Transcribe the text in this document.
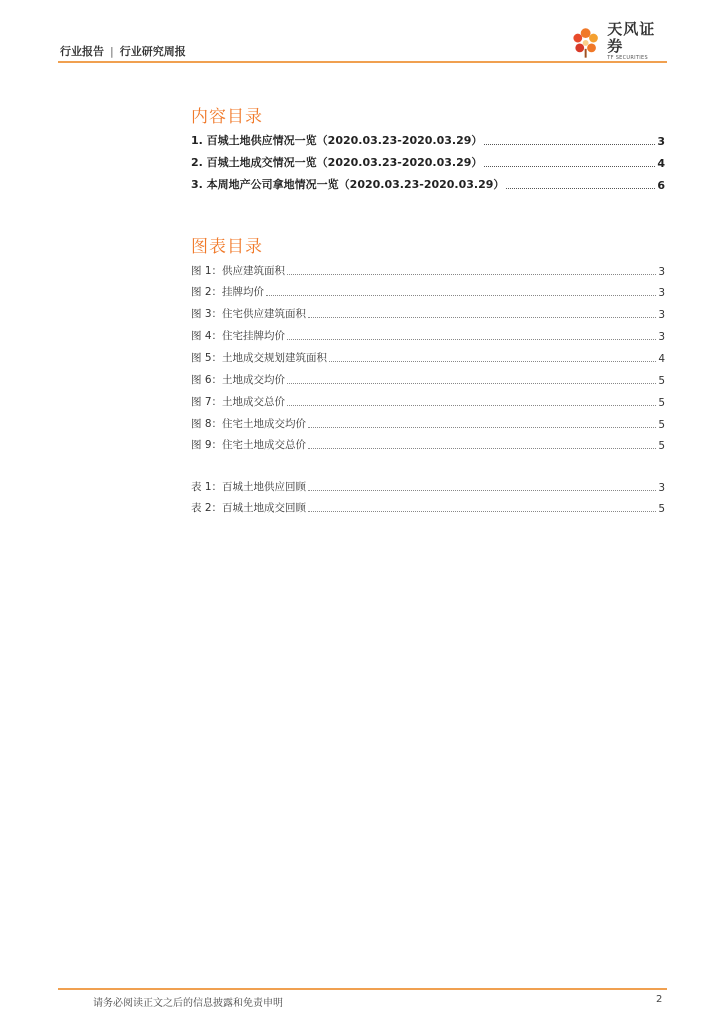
行业报告 | 行业研究周报
天风证券
TF SECURITIES
内容目录
1. 百城土地供应情况一览（2020.03.23-2020.03.29）	3
2. 百城土地成交情况一览（2020.03.23-2020.03.29）	4
3. 本周地产公司拿地情况一览（2020.03.23-2020.03.29）	6
图表目录
图 1：供应建筑面积	3
图 2：挂牌均价	3
图 3：住宅供应建筑面积	3
图 4：住宅挂牌均价	3
图 5：土地成交规划建筑面积	4
图 6：土地成交均价	5
图 7：土地成交总价	5
图 8：住宅土地成交均价	5
图 9：住宅土地成交总价	5
表 1：百城土地供应回顾	3
表 2：百城土地成交回顾	5
请务必阅读正文之后的信息披露和免责申明	2
